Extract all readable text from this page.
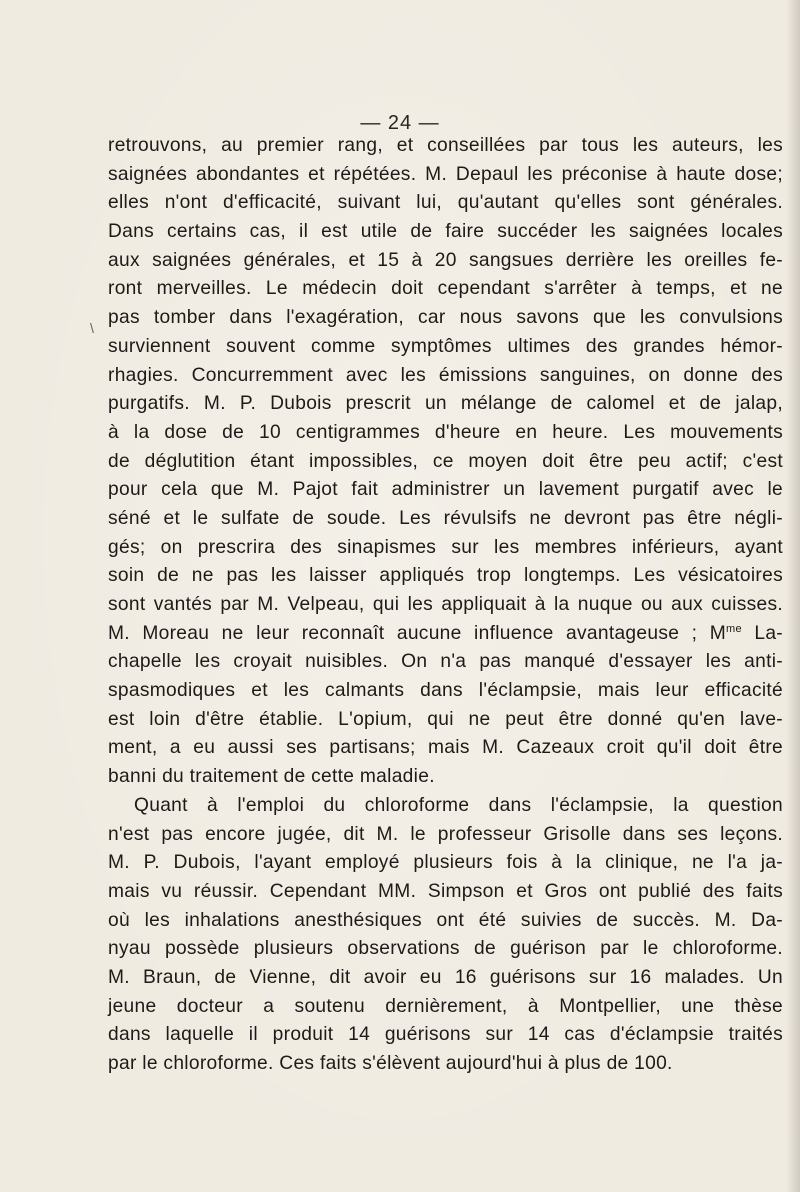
— 24 —
\
retrouvons, au premier rang, et conseillées par tous les auteurs, les
saignées abondantes et répétées. M. Depaul les préconise à haute dose;
elles n'ont d'efficacité, suivant lui, qu'autant qu'elles sont générales.
Dans certains cas, il est utile de faire succéder les saignées locales
aux saignées générales, et 15 à 20 sangsues derrière les oreilles fe-
ront merveilles. Le médecin doit cependant s'arrêter à temps, et ne
pas tomber dans l'exagération, car nous savons que les convulsions
surviennent souvent comme symptômes ultimes des grandes hémor-
rhagies. Concurremment avec les émissions sanguines, on donne des
purgatifs. M. P. Dubois prescrit un mélange de calomel et de jalap,
à la dose de 10 centigrammes d'heure en heure. Les mouvements
de déglutition étant impossibles, ce moyen doit être peu actif; c'est
pour cela que M. Pajot fait administrer un lavement purgatif avec le
séné et le sulfate de soude. Les révulsifs ne devront pas être négli-
gés; on prescrira des sinapismes sur les membres inférieurs, ayant
soin de ne pas les laisser appliqués trop longtemps. Les vésicatoires
sont vantés par M. Velpeau, qui les appliquait à la nuque ou aux cuisses.
M. Moreau ne leur reconnaît aucune influence avantageuse ; $M^{me}$ La-
chapelle les croyait nuisibles. On n'a pas manqué d'essayer les anti-
spasmodiques et les calmants dans l'éclampsie, mais leur efficacité
est loin d'être établie. L'opium, qui ne peut être donné qu'en lave-
ment, a eu aussi ses partisans; mais M. Cazeaux croit qu'il doit être
banni du traitement de cette maladie.
Quant à l'emploi du chloroforme dans l'éclampsie, la question
n'est pas encore jugée, dit M. le professeur Grisolle dans ses leçons.
M. P. Dubois, l'ayant employé plusieurs fois à la clinique, ne l'a ja-
mais vu réussir. Cependant MM. Simpson et Gros ont publié des faits
où les inhalations anesthésiques ont été suivies de succès. M. Da-
nyau possède plusieurs observations de guérison par le chloroforme.
M. Braun, de Vienne, dit avoir eu 16 guérisons sur 16 malades. Un
jeune docteur a soutenu dernièrement, à Montpellier, une thèse
dans laquelle il produit 14 guérisons sur 14 cas d'éclampsie traités
par le chloroforme. Ces faits s'élèvent aujourd'hui à plus de 100.
